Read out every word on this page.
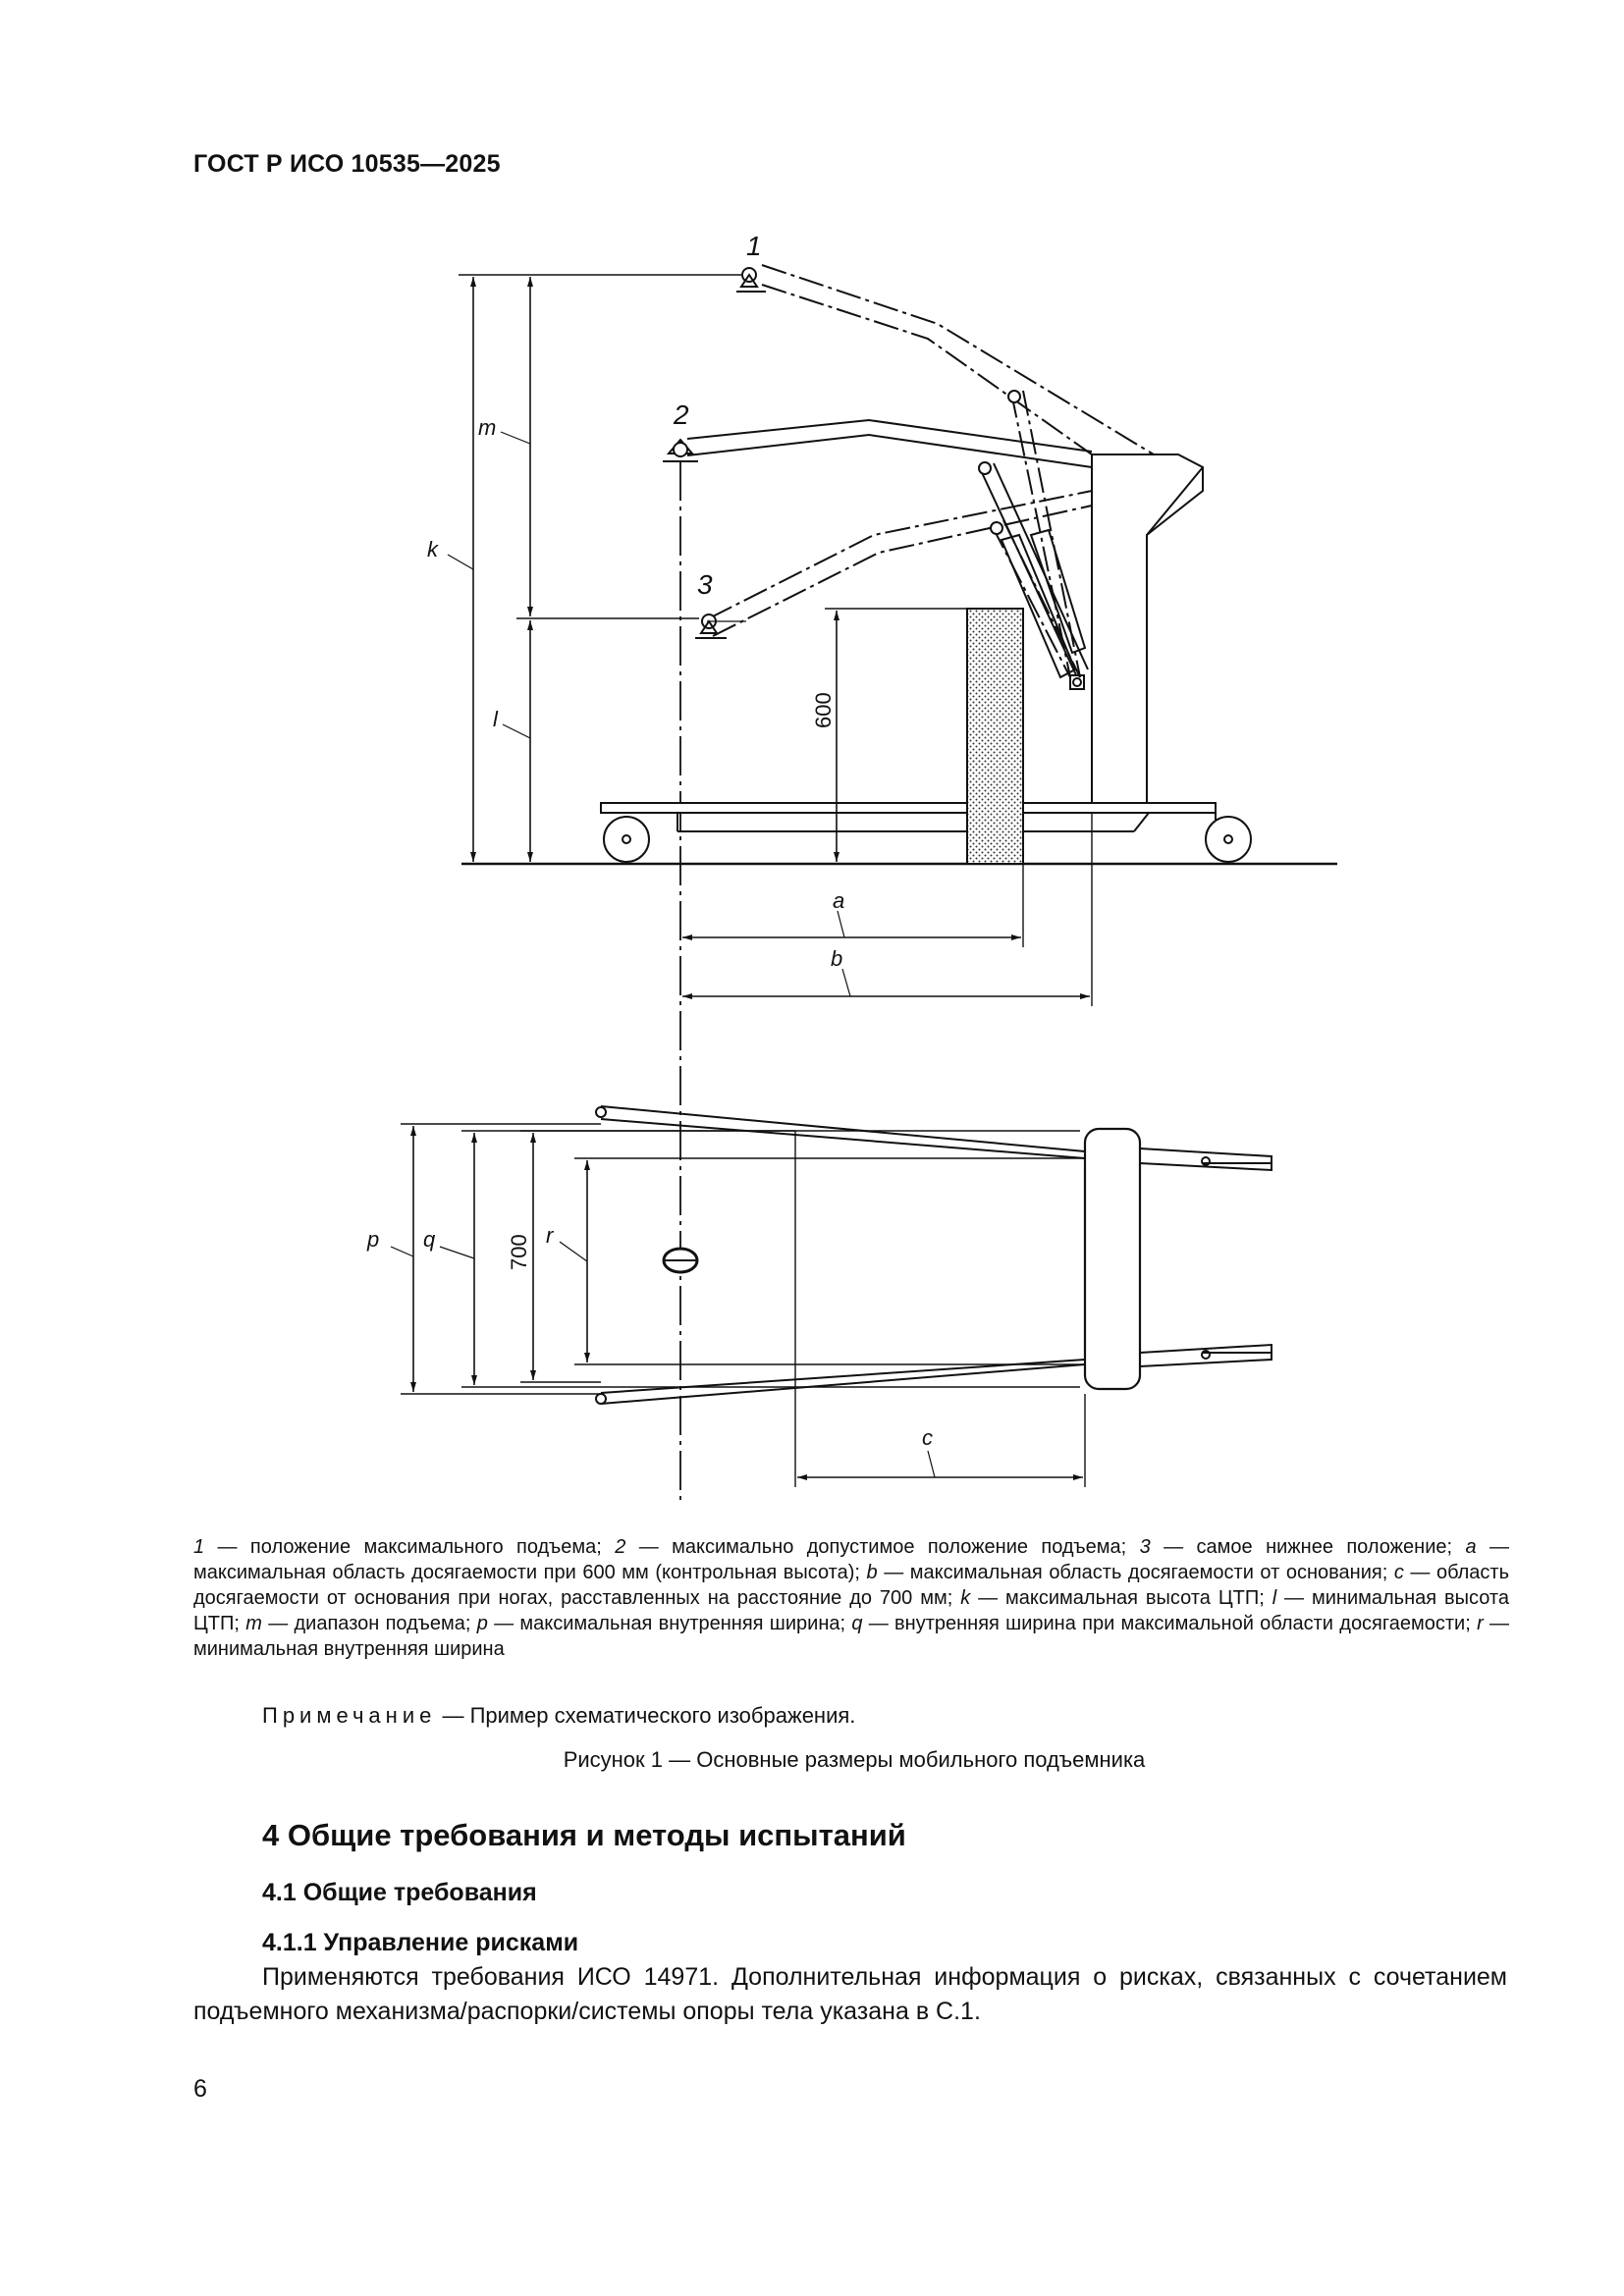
ГОСТ Р ИСО 10535—2025
1
2
3
m
k
l	600
a
b
p q	700 r
c
1 — положение максимального подъема; 2 — максимально допустимое положение подъема; 3 — самое нижнее положение; a — максимальная область досягаемости при 600 мм (контрольная высота); b — максимальная область досягаемости от основания; c — область досягаемости от основания при ногах, расставленных на расстояние до 700 мм; k — максимальная высота ЦТП; l — минимальная высота ЦТП; m — диапазон подъема; p — максимальная внутренняя ширина; q — внутренняя ширина при максимальной области досягаемости; r — минимальная внутренняя ширина
Примечание — Пример схематического изображения.
Рисунок 1 — Основные размеры мобильного подъемника
4 Общие требования и методы испытаний
4.1 Общие требования
4.1.1 Управление рисками
Применяются требования ИСО 14971. Дополнительная информация о рисках, связанных с сочетанием подъемного механизма/распорки/системы опоры тела указана в С.1.
6
